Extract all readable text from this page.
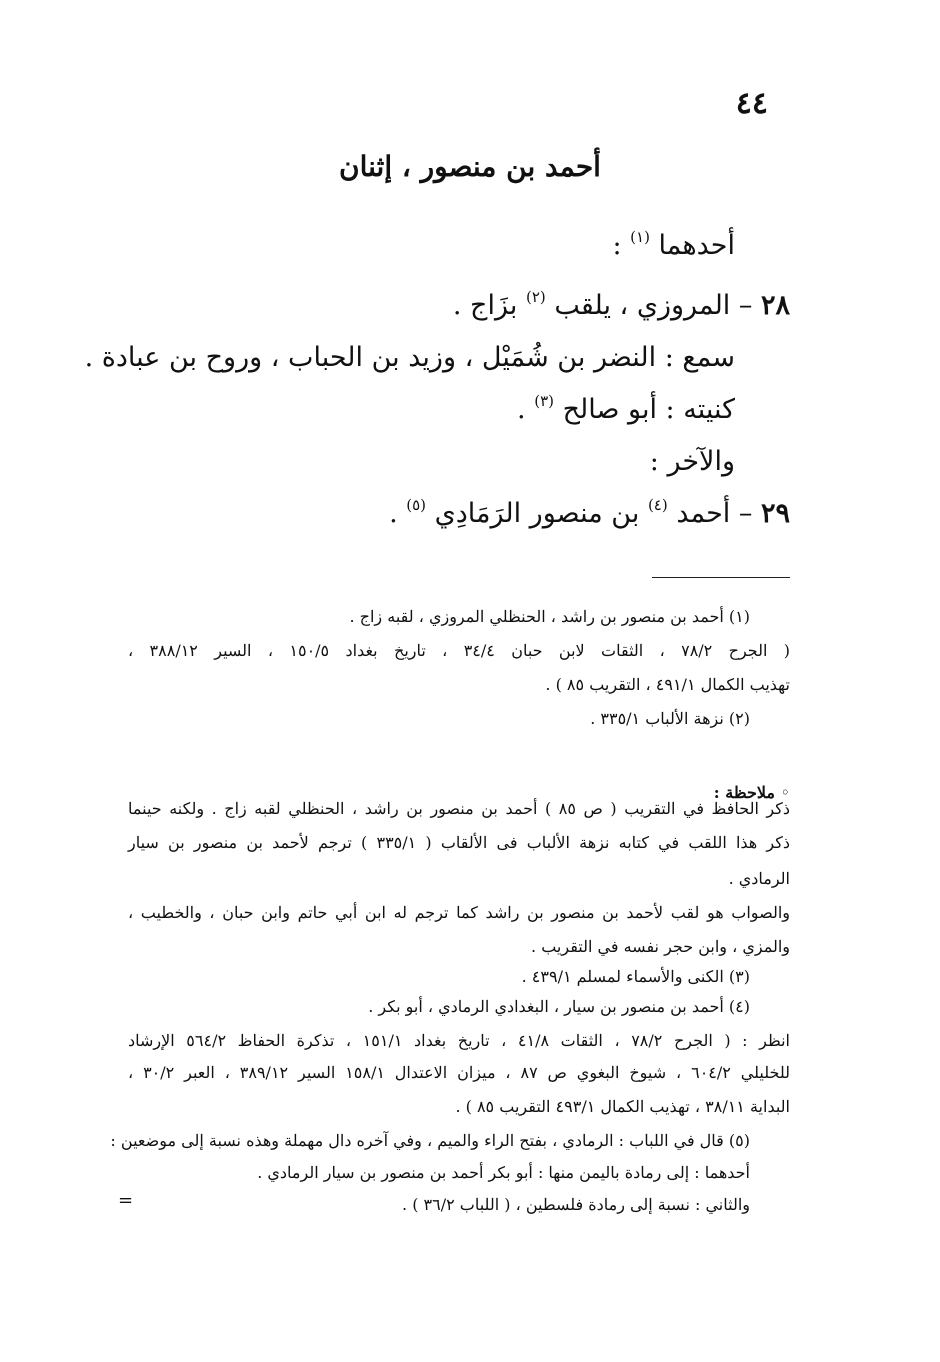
٤٤
أحمد بن منصور ، إثنان
أحدهما $^{(١)}$ :
٢٨ – المروزي ، يلقب $^{(٢)}$ بزَاج .
سمع : النضر بن شُمَيْل ، وزيد بن الحباب ، وروح بن عبادة .
كنيته : أبو صالح $^{(٣)}$ .
والآخر :
٢٩ – أحمد $^{(٤)}$ بن منصور الرَمَادِي $^{(٥)}$ .
(١) أحمد بن منصور بن راشد ، الحنظلي المروزي ، لقبه زاج .
( الجرح ٧٨/٢ ، الثقات لابن حبان ٣٤/٤ ، تاريخ بغداد ١٥٠/٥ ، السير ٣٨٨/١٢ ،
تهذيب الكمال ٤٩١/١ ، التقريب ٨٥ ) .
(٢) نزهة الألباب ٣٣٥/١ .
◦ ملاحظة :
ذكر الحافظ في التقريب ( ص ٨٥ ) أحمد بن منصور بن راشد ، الحنظلي لقبه زاج . ولكنه حينما
ذكر هذا اللقب في كتابه نزهة الألباب فى الألقاب ( ٣٣٥/١ ) ترجم لأحمد بن منصور بن سيار
الرمادي .
والصواب هو لقب لأحمد بن منصور بن راشد كما ترجم له ابن أبي حاتم وابن حبان ، والخطيب ،
والمزي ، وابن حجر نفسه في التقريب .
(٣) الكنى والأسماء لمسلم ٤٣٩/١ .
(٤) أحمد بن منصور بن سيار ، البغدادي الرمادي ، أبو بكر .
انظر : ( الجرح ٧٨/٢ ، الثقات ٤١/٨ ، تاريخ بغداد ١٥١/١ ، تذكرة الحفاظ ٥٦٤/٢ الإرشاد
للخليلي ٦٠٤/٢ ، شيوخ البغوي ص ٨٧ ، ميزان الاعتدال ١٥٨/١ السير ٣٨٩/١٢ ، العبر ٣٠/٢ ،
البداية ٣٨/١١ ، تهذيب الكمال ٤٩٣/١ التقريب ٨٥ ) .
(٥) قال في اللباب : الرمادي ، بفتح الراء والميم ، وفي آخره دال مهملة وهذه نسبة إلى موضعين :
أحدهما : إلى رمادة باليمن منها : أبو بكر أحمد بن منصور بن سيار الرمادي .
والثاني : نسبة إلى رمادة فلسطين ، ( اللباب ٣٦/٢ ) .
=
